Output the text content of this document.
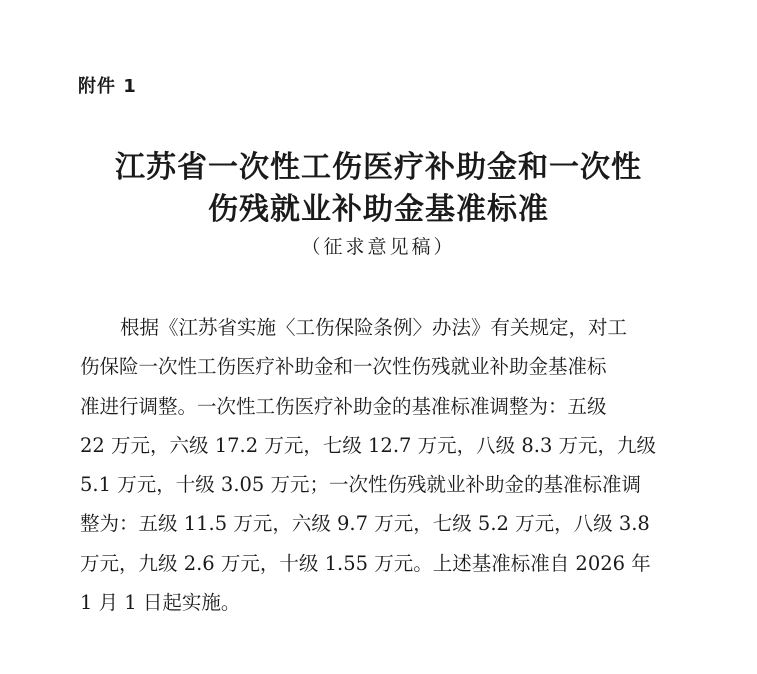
附件 1
江苏省一次性工伤医疗补助金和一次性
伤残就业补助金基准标准
（征求意见稿）
根据《江苏省实施〈工伤保险条例〉办法》有关规定，对工
伤保险一次性工伤医疗补助金和一次性伤残就业补助金基准标
准进行调整。一次性工伤医疗补助金的基准标准调整为：五级
22 万元，六级 17.2 万元，七级 12.7 万元，八级 8.3 万元，九级
5.1 万元，十级 3.05 万元；一次性伤残就业补助金的基准标准调
整为：五级 11.5 万元，六级 9.7 万元，七级 5.2 万元，八级 3.8
万元，九级 2.6 万元，十级 1.55 万元。上述基准标准自 2026 年
1 月 1 日起实施。
